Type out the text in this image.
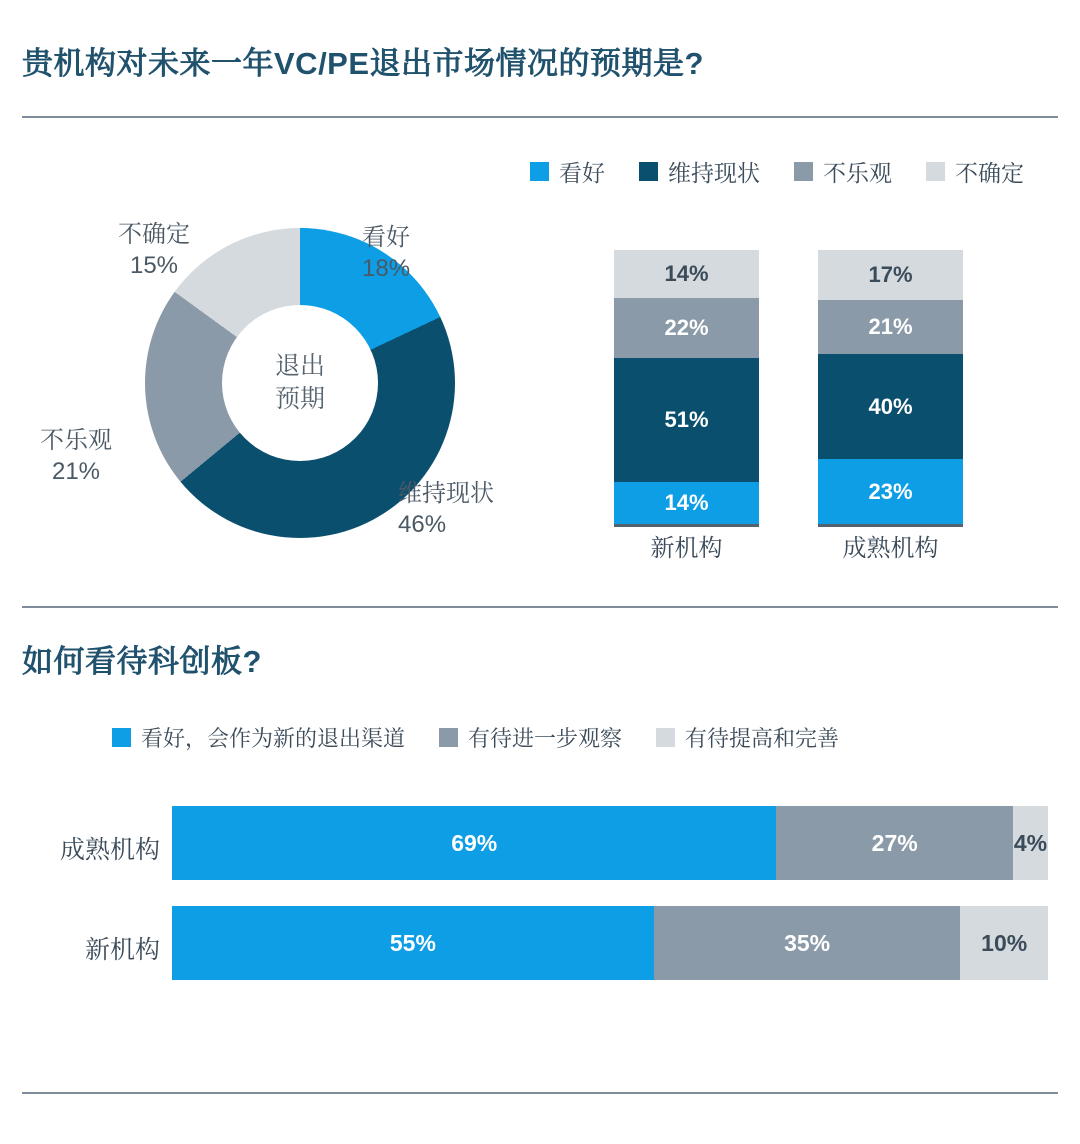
贵机构对未来一年VC/PE退出市场情况的预期是?
看好	维持现状	不乐观	不确定
退出
预期
看好
18%
维持现状
46%
不乐观
21%
不确定
15%	14%
22%
51%
14%
新机构
17%
21%
40%
23%
成熟机构
如何看待科创板?
看好，会作为新的退出渠道	有待进一步观察	有待提高和完善
成熟机构	69%	27%	4%
新机构	55%	35%	10%
